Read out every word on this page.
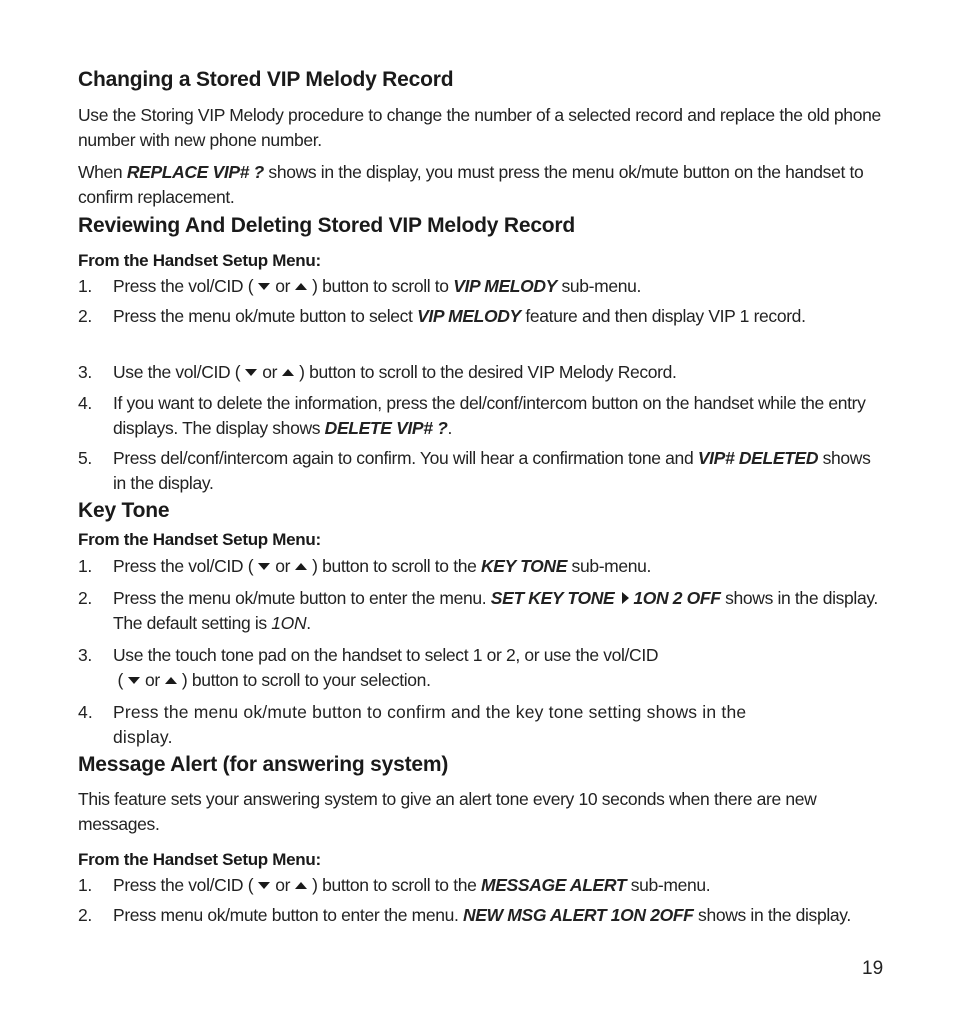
Changing a Stored VIP Melody Record

Use the Storing VIP Melody procedure to change the number of a selected record and replace the old phone number with new phone number.

When REPLACE VIP# ? shows in the display, you must press the menu ok/mute button on the handset to confirm replacement.

Reviewing And Deleting Stored VIP Melody Record
From the Handset Setup Menu:
1.	Press the vol/CID ( or ) button to scroll to VIP MELODY sub-menu.
2.	Press the menu ok/mute button to select VIP MELODY feature and then display VIP 1 record.
3.	Use the vol/CID ( or ) button to scroll to the desired VIP Melody Record.
4.	If you want to delete the information, press the del/conf/intercom button on the handset while the entry displays. The display shows DELETE VIP# ?.
5.	Press del/conf/intercom again to confirm. You will hear a confirmation tone and VIP# DELETED shows in the display.
Key Tone
From the Handset Setup Menu:
1.	Press the vol/CID ( or ) button to scroll to the KEY TONE sub-menu.
2.	Press the menu ok/mute button to enter the menu. SET KEY TONE 1ON 2 OFF shows in the display. The default setting is 1ON.
3.	Use the touch tone pad on the handset to select 1 or 2, or use the vol/CID
( or ) button to scroll to your selection.
4.	Press the menu ok/mute button to confirm and the key tone setting shows in the display.
Message Alert (for answering system)

This feature sets your answering system to give an alert tone every 10 seconds when there are new messages.

From the Handset Setup Menu:
1.	Press the vol/CID ( or ) button to scroll to the MESSAGE ALERT sub-menu.
2.	Press menu ok/mute button to enter the menu. NEW MSG ALERT 1ON 2OFF shows in the display.
19
